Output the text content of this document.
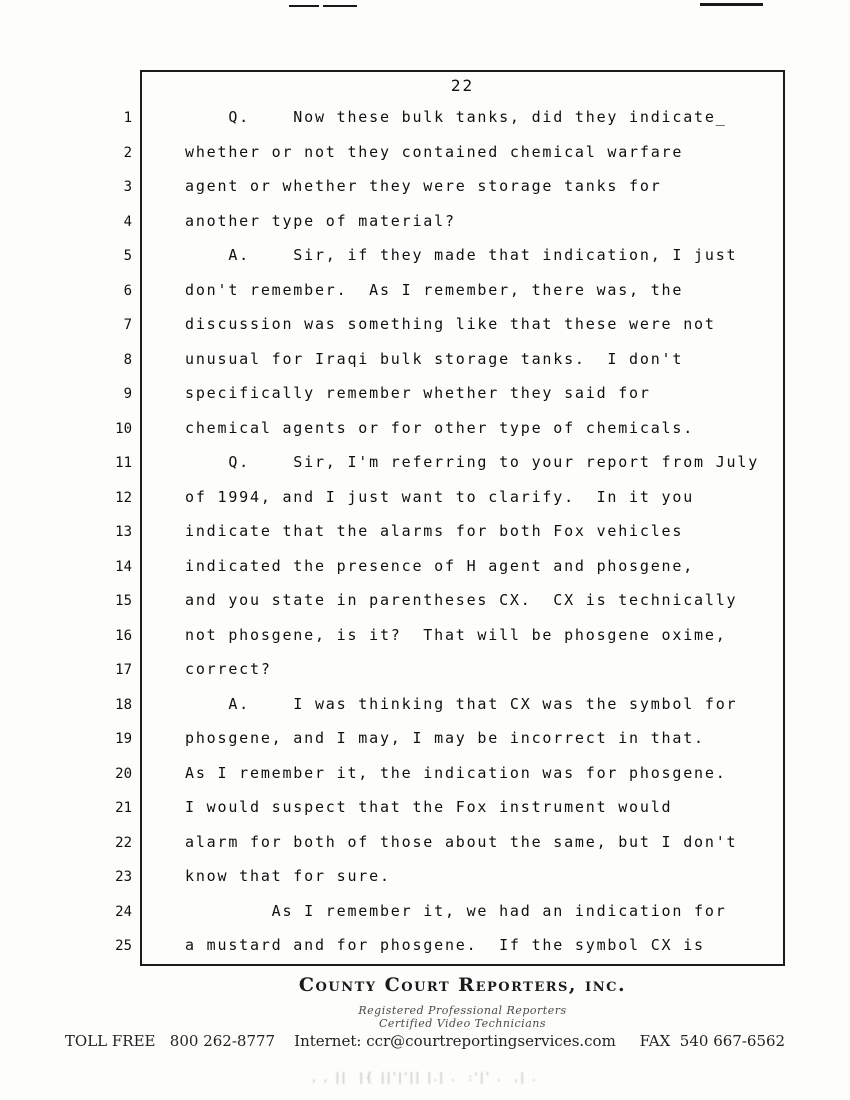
22
1	Q.    Now these bulk tanks, did they indicate_
2	whether or not they contained chemical warfare
3	agent or whether they were storage tanks for
4	another type of material?
5	A.    Sir, if they made that indication, I just
6	don't remember.  As I remember, there was, the
7	discussion was something like that these were not
8	unusual for Iraqi bulk storage tanks.  I don't
9	specifically remember whether they said for
10	chemical agents or for other type of chemicals.
11	Q.    Sir, I'm referring to your report from July
12	of 1994, and I just want to clarify.  In it you
13	indicate that the alarms for both Fox vehicles
14	indicated the presence of H agent and phosgene,
15	and you state in parentheses CX.  CX is technically
16	not phosgene, is it?  That will be phosgene oxime,
17	correct?
18	A.    I was thinking that CX was the symbol for
19	phosgene, and I may, I may be incorrect in that.
20	As I remember it, the indication was for phosgene.
21	I would suspect that the Fox instrument would
22	alarm for both of those about the same, but I don't
23	know that for sure.
24	As I remember it, we had an indication for
25	a mustard and for phosgene.  If the symbol CX is
County Court Reporters, inc.
Registered Professional Reporters
Certified Video Technicians
TOLL FREE   800 262-8777    Internet: ccr@courtreportingservices.com     FAX  540 667-6562
, , ||  |{ ||'|'|| |.| .  :'|' .  ,| .
